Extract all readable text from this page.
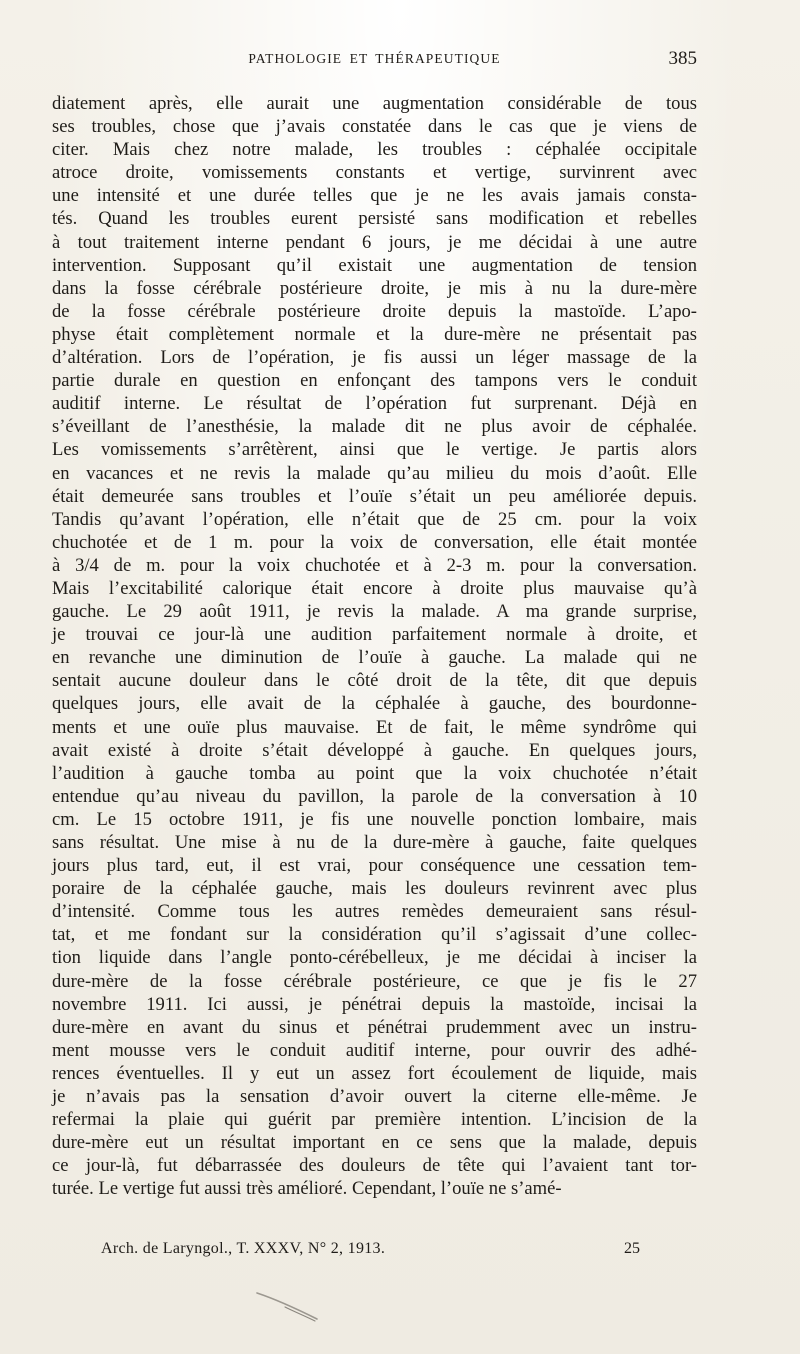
PATHOLOGIE ET THÉRAPEUTIQUE	385
diatement après, elle aurait une augmentation considérable de tous
ses troubles, chose que j’avais constatée dans le cas que je viens de
citer. Mais chez notre malade, les troubles : céphalée occipitale
atroce droite, vomissements constants et vertige, survinrent avec
une intensité et une durée telles que je ne les avais jamais consta-
tés. Quand les troubles eurent persisté sans modification et rebelles
à tout traitement interne pendant 6 jours, je me décidai à une autre
intervention. Supposant qu’il existait une augmentation de tension
dans la fosse cérébrale postérieure droite, je mis à nu la dure-mère
de la fosse cérébrale postérieure droite depuis la mastoïde. L’apo-
physe était complètement normale et la dure-mère ne présentait pas
d’altération. Lors de l’opération, je fis aussi un léger massage de la
partie durale en question en enfonçant des tampons vers le conduit
auditif interne. Le résultat de l’opération fut surprenant. Déjà en
s’éveillant de l’anesthésie, la malade dit ne plus avoir de céphalée.
Les vomissements s’arrêtèrent, ainsi que le vertige. Je partis alors
en vacances et ne revis la malade qu’au milieu du mois d’août. Elle
était demeurée sans troubles et l’ouïe s’était un peu améliorée depuis.
Tandis qu’avant l’opération, elle n’était que de 25 cm. pour la voix
chuchotée et de 1 m. pour la voix de conversation, elle était montée
à 3/4 de m. pour la voix chuchotée et à 2-3 m. pour la conversation.
Mais l’excitabilité calorique était encore à droite plus mauvaise qu’à
gauche. Le 29 août 1911, je revis la malade. A ma grande surprise,
je trouvai ce jour-là une audition parfaitement normale à droite, et
en revanche une diminution de l’ouïe à gauche. La malade qui ne
sentait aucune douleur dans le côté droit de la tête, dit que depuis
quelques jours, elle avait de la céphalée à gauche, des bourdonne-
ments et une ouïe plus mauvaise. Et de fait, le même syndrôme qui
avait existé à droite s’était développé à gauche. En quelques jours,
l’audition à gauche tomba au point que la voix chuchotée n’était
entendue qu’au niveau du pavillon, la parole de la conversation à 10
cm. Le 15 octobre 1911, je fis une nouvelle ponction lombaire, mais
sans résultat. Une mise à nu de la dure-mère à gauche, faite quelques
jours plus tard, eut, il est vrai, pour conséquence une cessation tem-
poraire de la céphalée gauche, mais les douleurs revinrent avec plus
d’intensité. Comme tous les autres remèdes demeuraient sans résul-
tat, et me fondant sur la considération qu’il s’agissait d’une collec-
tion liquide dans l’angle ponto-cérébelleux, je me décidai à inciser la
dure-mère de la fosse cérébrale postérieure, ce que je fis le 27
novembre 1911. Ici aussi, je pénétrai depuis la mastoïde, incisai la
dure-mère en avant du sinus et pénétrai prudemment avec un instru-
ment mousse vers le conduit auditif interne, pour ouvrir des adhé-
rences éventuelles. Il y eut un assez fort écoulement de liquide, mais
je n’avais pas la sensation d’avoir ouvert la citerne elle-même. Je
refermai la plaie qui guérit par première intention. L’incision de la
dure-mère eut un résultat important en ce sens que la malade, depuis
ce jour-là, fut débarrassée des douleurs de tête qui l’avaient tant tor-
turée. Le vertige fut aussi très amélioré. Cependant, l’ouïe ne s’amé-
Arch. de Laryngol., T. XXXV, N° 2, 1913.	25
